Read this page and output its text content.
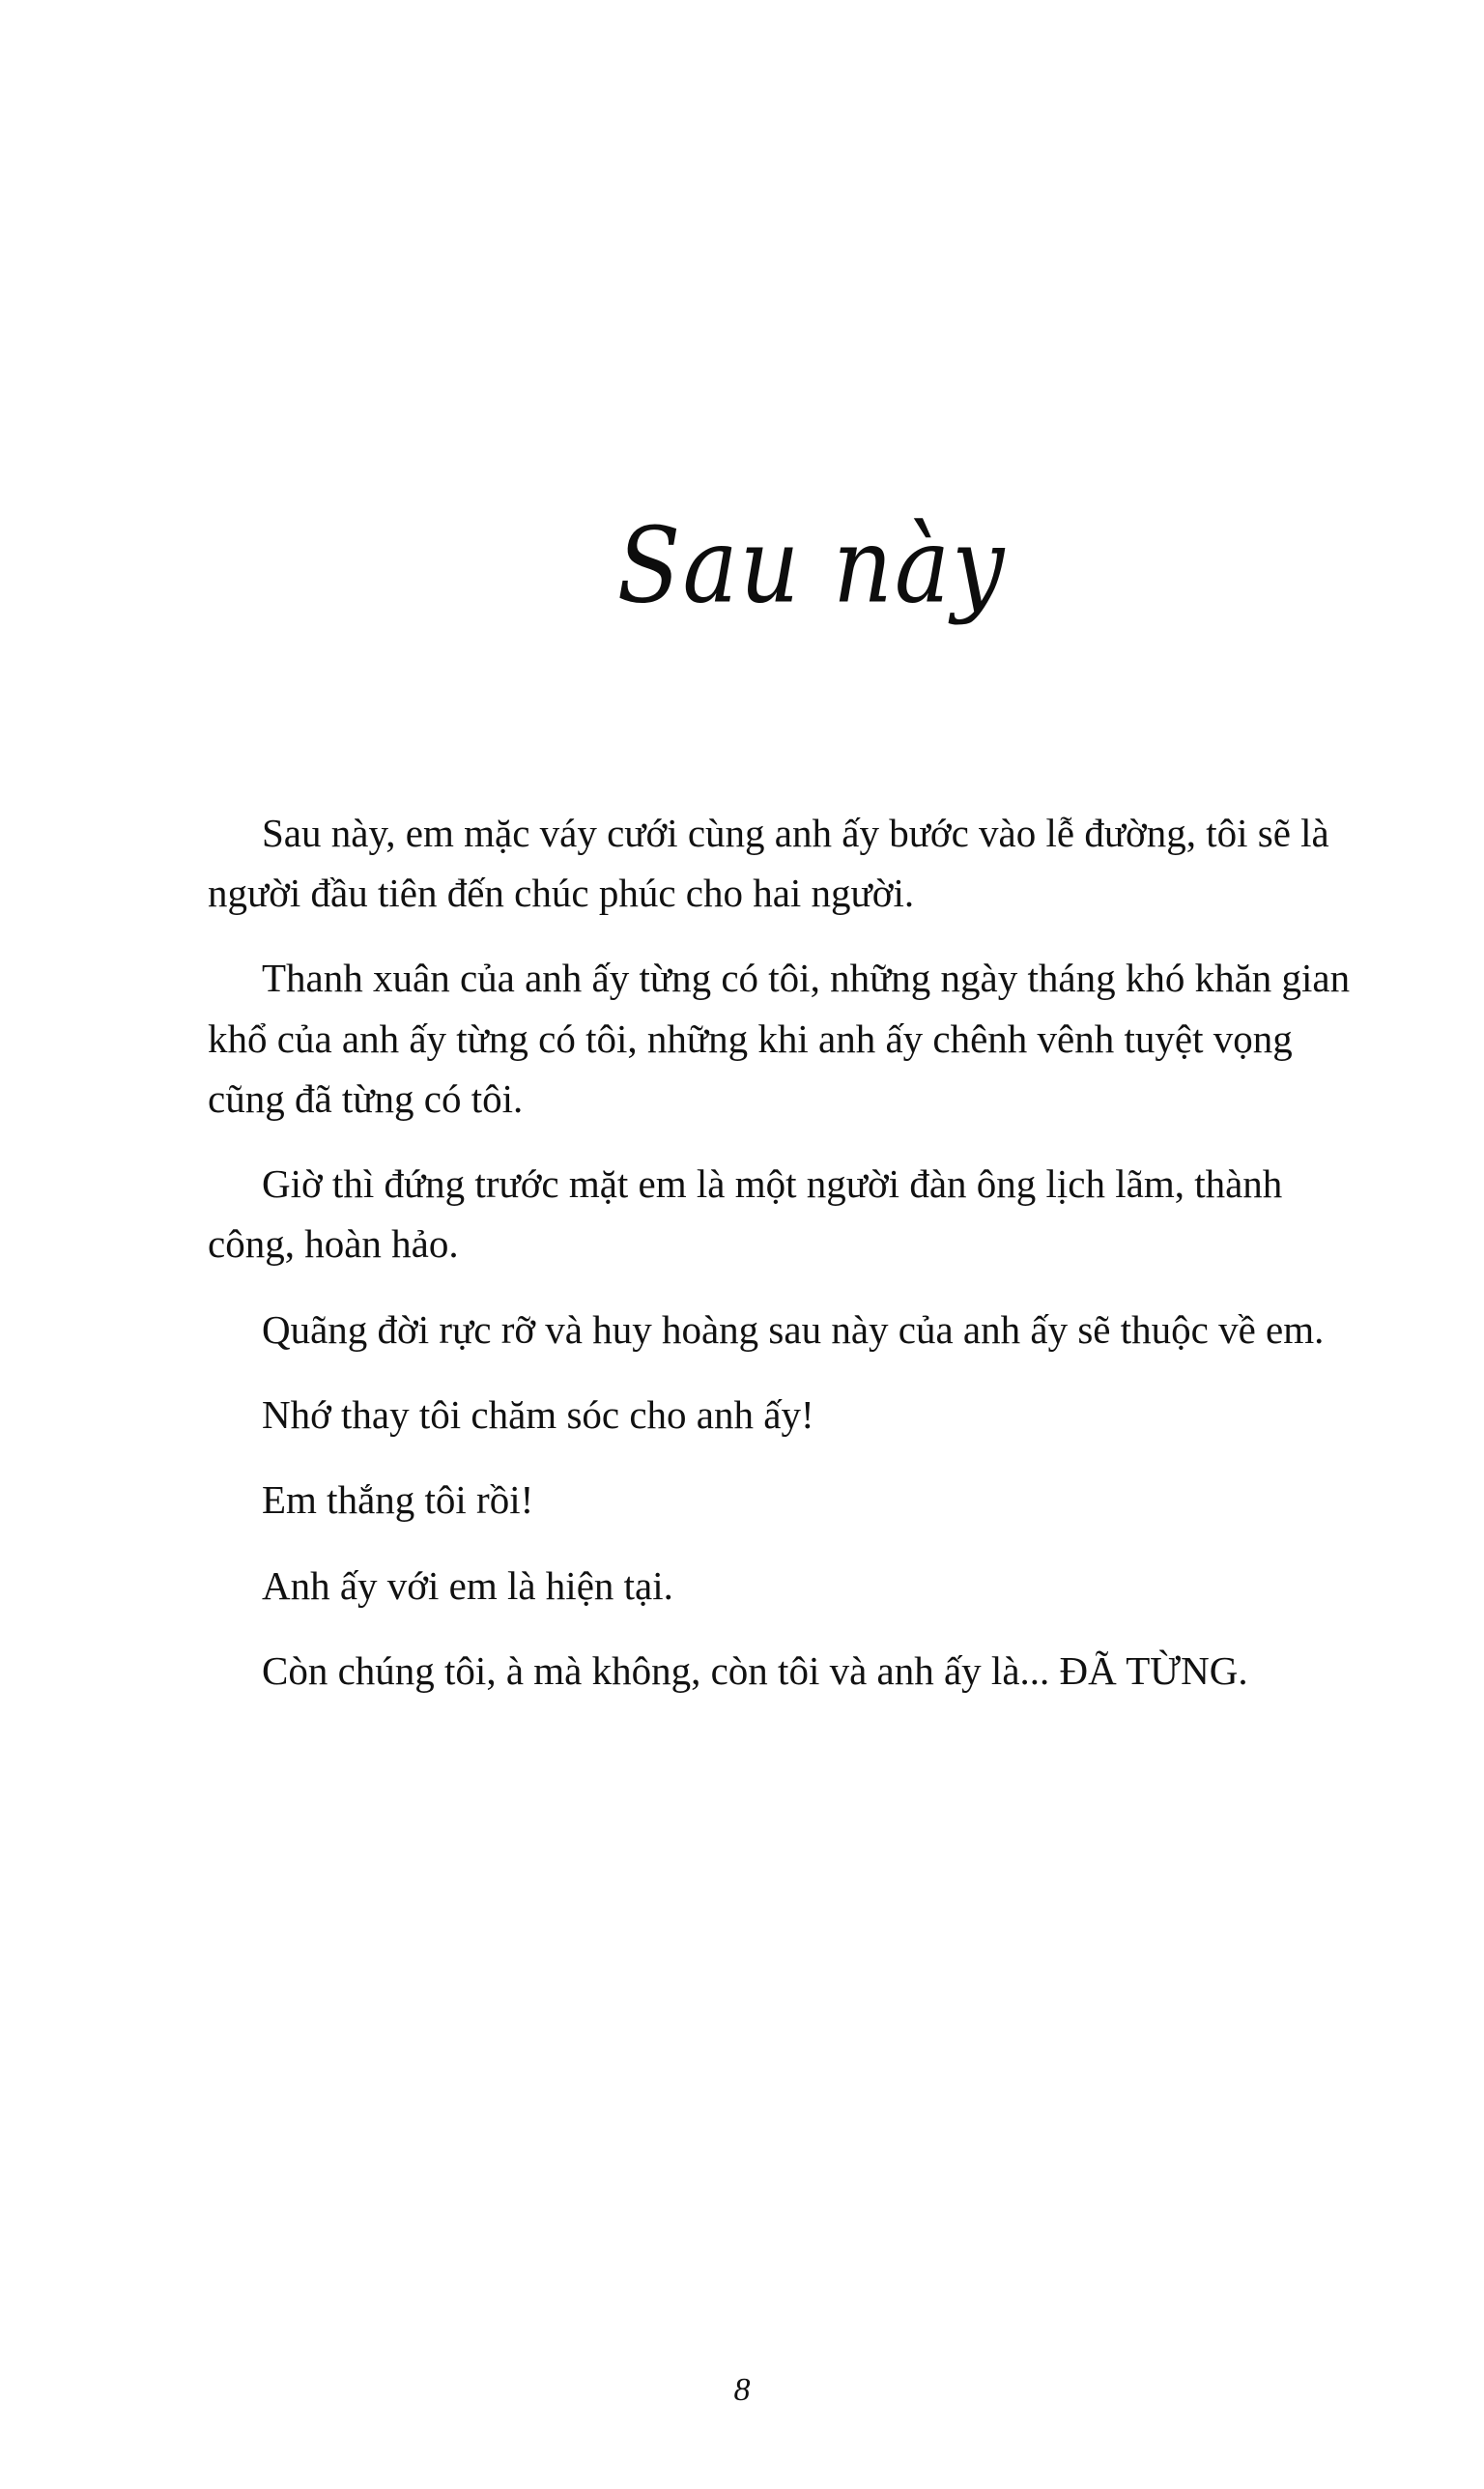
Sau này

Sau này, em mặc váy cưới cùng anh ấy bước vào lễ đường, tôi sẽ là người đầu tiên đến chúc phúc cho hai người.

Thanh xuân của anh ấy từng có tôi, những ngày tháng khó khăn gian khổ của anh ấy từng có tôi, những khi anh ấy chênh vênh tuyệt vọng cũng đã từng có tôi.

Giờ thì đứng trước mặt em là một người đàn ông lịch lãm, thành công, hoàn hảo.

Quãng đời rực rỡ và huy hoàng sau này của anh ấy sẽ thuộc về em.

Nhớ thay tôi chăm sóc cho anh ấy!

Em thắng tôi rồi!

Anh ấy với em là hiện tại.

Còn chúng tôi, à mà không, còn tôi và anh ấy là... ĐÃ TỪNG.

8
